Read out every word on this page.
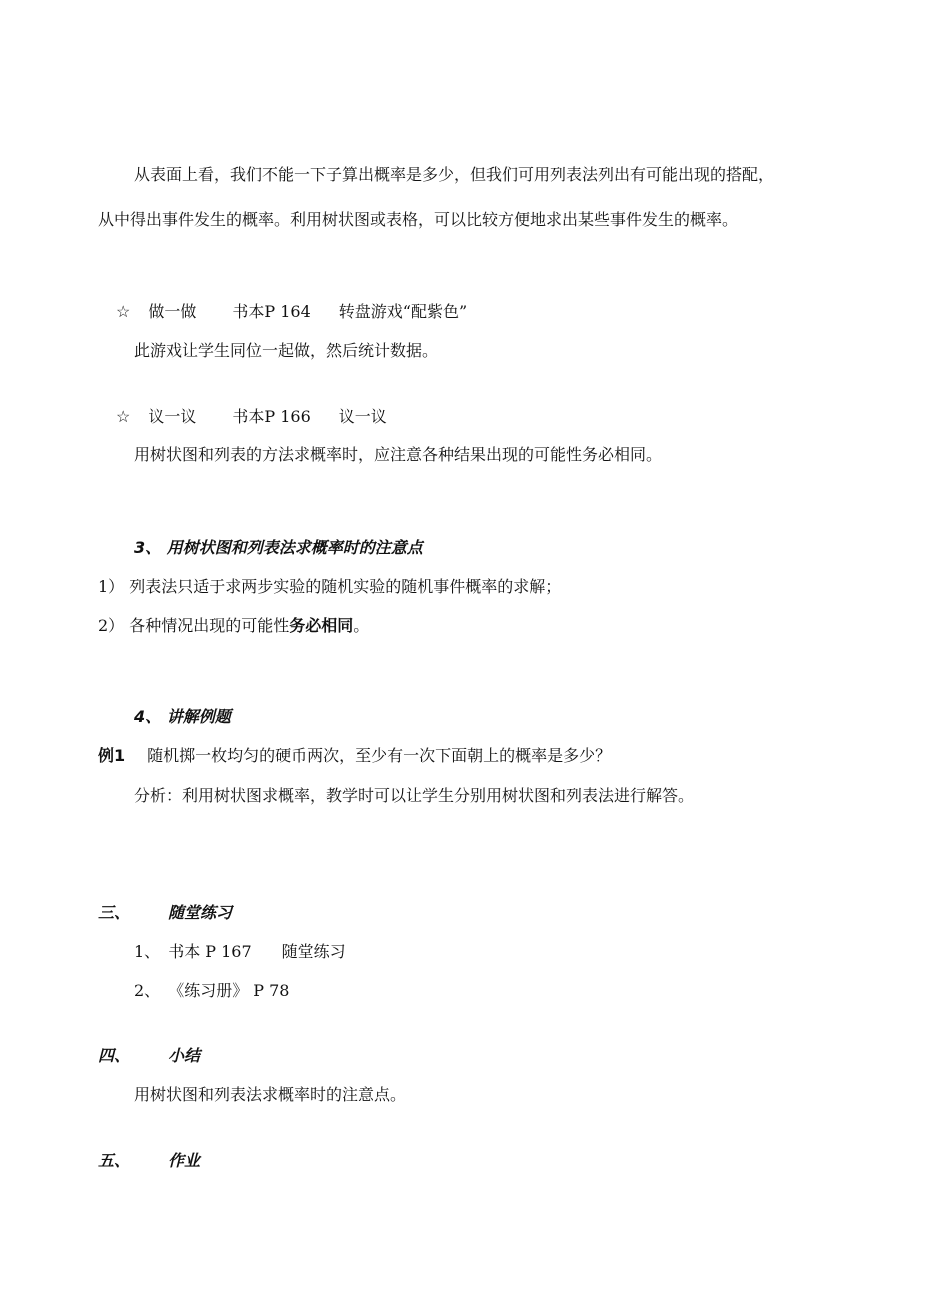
从表面上看，我们不能一下子算出概率是多少，但我们可用列表法列出有可能出现的搭配，
从中得出事件发生的概率。利用树状图或表格，可以比较方便地求出某些事件发生的概率。
☆ 做一做 书本P 164 转盘游戏“配紫色”
此游戏让学生同位一起做，然后统计数据。
☆ 议一议 书本P 166 议一议
用树状图和列表的方法求概率时，应注意各种结果出现的可能性务必相同。
3、 用树状图和列表法求概率时的注意点
1） 列表法只适于求两步实验的随机实验的随机事件概率的求解；
2） 各种情况出现的可能性务必相同。
4、 讲解例题
例1 随机掷一枚均匀的硬币两次，至少有一次下面朝上的概率是多少？
分析：利用树状图求概率，教学时可以让学生分别用树状图和列表法进行解答。
三、 随堂练习
1、 书本 P 167 随堂练习
2、 《练习册》 P 78
四、 小结
用树状图和列表法求概率时的注意点。
五、 作业
